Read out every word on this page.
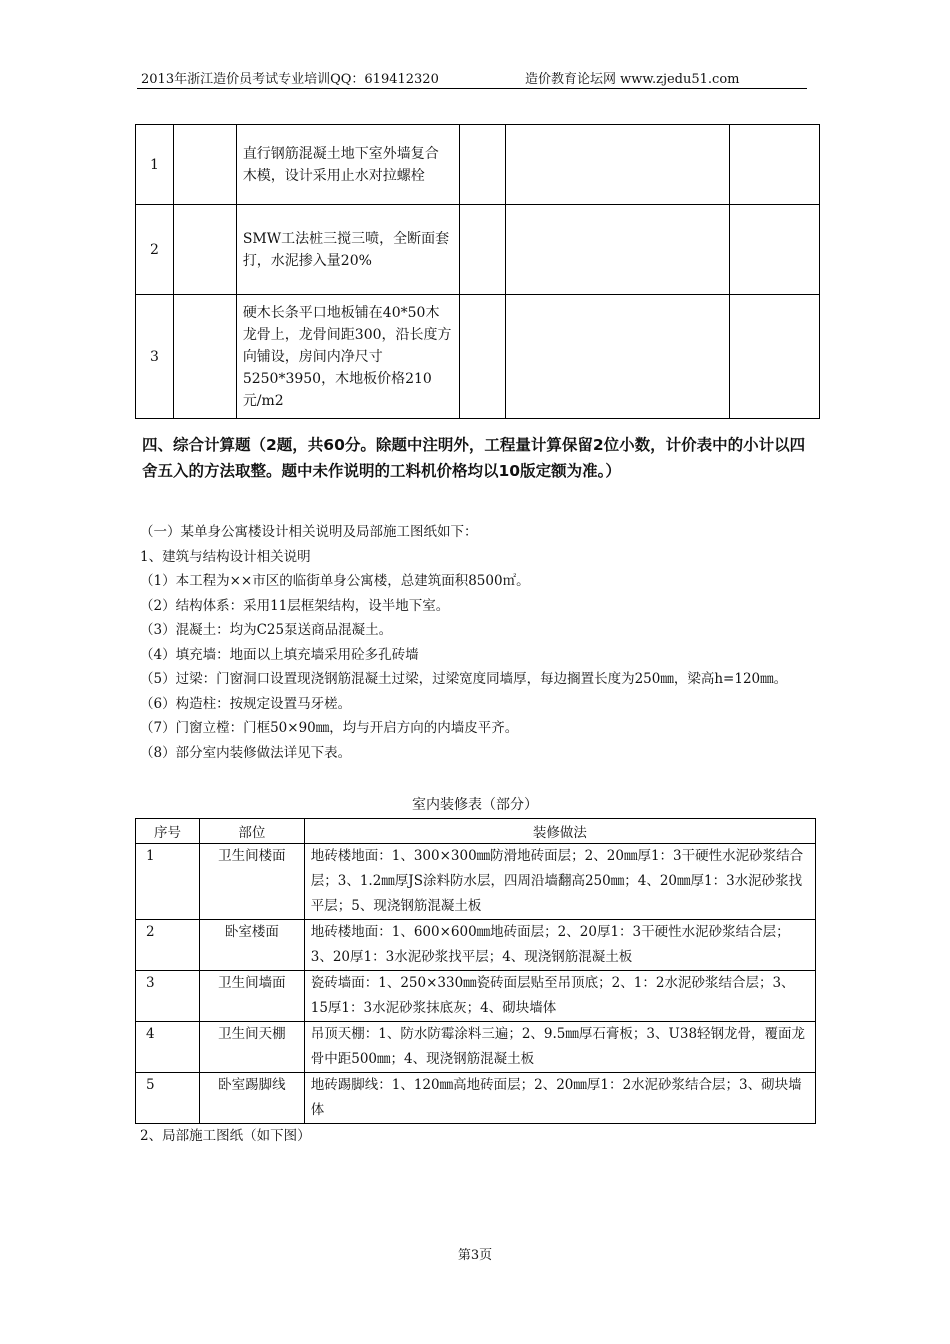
2013年浙江造价员考试专业培训QQ：619412320	造价教育论坛网 www.zjedu51.com
1		直行钢筋混凝土地下室外墙复合木模，设计采用止水对拉螺栓			
2		SMW工法桩三搅三喷，全断面套打，水泥掺入量20%			
3		硬木长条平口地板铺在40*50木龙骨上，龙骨间距300，沿长度方向铺设，房间内净尺寸5250*3950，木地板价格210元/m2			
四、综合计算题（2题，共60分。除题中注明外，工程量计算保留2位小数，计价表中的小计以四舍五入的方法取整。题中未作说明的工料机价格均以10版定额为准。）

（一）某单身公寓楼设计相关说明及局部施工图纸如下：

1、建筑与结构设计相关说明

（1）本工程为××市区的临街单身公寓楼，总建筑面积8500㎡。

（2）结构体系：采用11层框架结构，设半地下室。

（3）混凝土：均为C25泵送商品混凝土。

（4）填充墙：地面以上填充墙采用砼多孔砖墙

（5）过梁：门窗洞口设置现浇钢筋混凝土过梁，过梁宽度同墙厚，每边搁置长度为250㎜，梁高h=120㎜。

（6）构造柱：按规定设置马牙槎。

（7）门窗立樘：门框50×90㎜，均与开启方向的内墙皮平齐。

（8）部分室内装修做法详见下表。

室内装修表（部分）
序号	部位	装修做法
1	卫生间楼面	地砖楼地面：1、300×300㎜防滑地砖面层；2、20㎜厚1：3干硬性水泥砂浆结合层；3、1.2㎜厚JS涂料防水层，四周沿墙翻高250㎜；4、20㎜厚1：3水泥砂浆找平层；5、现浇钢筋混凝土板
2	卧室楼面	地砖楼地面：1、600×600㎜地砖面层；2、20厚1：3干硬性水泥砂浆结合层；3、20厚1：3水泥砂浆找平层；4、现浇钢筋混凝土板
3	卫生间墙面	瓷砖墙面：1、250×330㎜瓷砖面层贴至吊顶底；2、1：2水泥砂浆结合层；3、15厚1：3水泥砂浆抹底灰；4、砌块墙体
4	卫生间天棚	吊顶天棚：1、防水防霉涂料三遍；2、9.5㎜厚石膏板；3、U38轻钢龙骨，覆面龙骨中距500㎜；4、现浇钢筋混凝土板
5	卧室踢脚线	地砖踢脚线：1、120㎜高地砖面层；2、20㎜厚1：2水泥砂浆结合层；3、砌块墙体
2、局部施工图纸（如下图）
第3页
